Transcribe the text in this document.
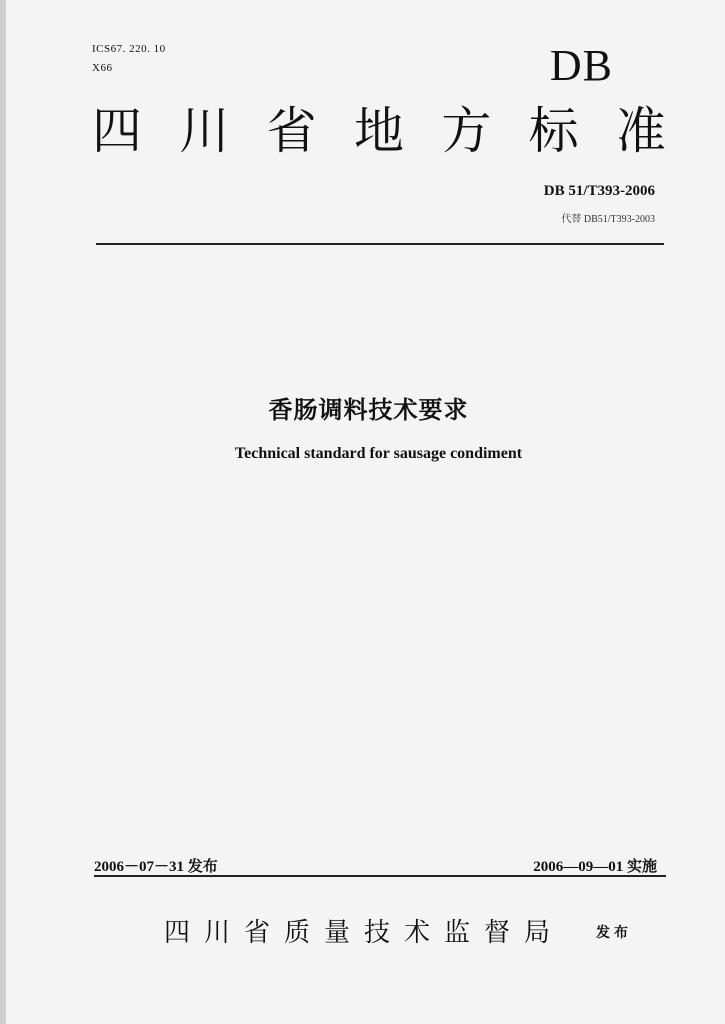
ICS67. 220. 10
X66	DB
四 川 省 地 方 标 准
DB 51/T393-2006
代替 DB51/T393-2003
香肠调料技术要求
Technical standard for sausage condiment
2006－07－31 发布	2006—09—01 实施
四川省质量技术监督局 发布
